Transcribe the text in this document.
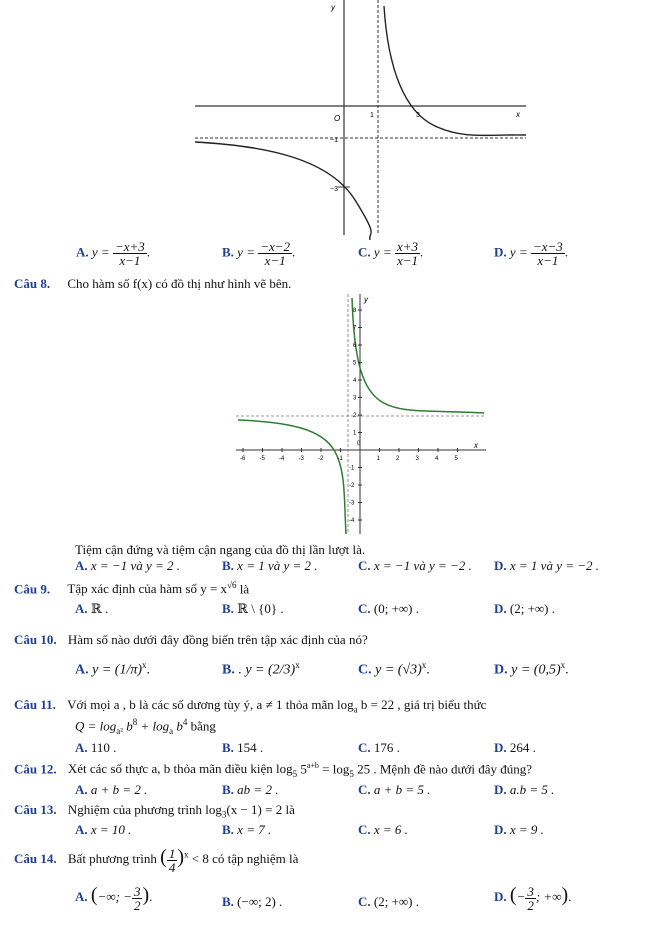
y
x
O	1	3
−1
−3
A. $y = \frac{-x+3}{x-1}$ .	B. $y = \frac{-x-2}{x-1}$ .	C. $y = \frac{x+3}{x-1}$ .	D. $y = \frac{-x-3}{x-1}$ .
Câu 8. Cho hàm số f(x) có đồ thị như hình vẽ bên.
-6 -5 -4 -3 -2 -1
0
1	2	3	4	5
8
7
6
5
4
3
2
1
-1
-2
-3
-4
x
y
Tiệm cận đứng và tiệm cận ngang của đồ thị lần lượt là.
A. x = −1 và y = 2 .	B. x = 1 và y = 2 .	C. x = −1 và y = −2 . D. x = 1 và y = −2 .
Câu 9. Tập xác định của hàm số $y = x^{√6}$ là
A. ℝ .	B. ℝ \ {0} .	C. (0; +∞) .	D. (2; +∞) .
Câu 10. Hàm số nào dưới đây đồng biến trên tập xác định của nó?
A. $y = (1/\pi)^x$.	B. . $y = (2/3)^x$	C. $y = (√3)^x$.	D. $y = (0,5)^x$.
Câu 11. Với mọi a , b là các số dương tùy ý, a ≠ 1 thỏa mãn $\log_a b = 22$ , giá trị biểu thức
$Q = \log_{a^2} b^8 + \log_a b^4$ bằng
A. 110 .	B. 154 .	C. 176 .	D. 264 .
Câu 12. Xét các số thực a, b thỏa mãn điều kiện $\log_5 5^{a+b} = \log_5 25$ . Mệnh đề nào dưới đây đúng?
A. a + b = 2 .	B. ab = 2 .	C. a + b = 5 .	D. a.b = 5 .
Câu 13. Nghiệm của phương trình $\log_3(x - 1) = 2$ là
A. x = 10 .	B. x = 7 .	C. x = 6 .	D. x = 9 .
Câu 14. Bất phương trình ( $\frac{1}{4} )^x < 8$ có tập nghiệm là
A. (−∞; − $\frac{3}{2}$ ).	B. (−∞; 2) .	C. (2; +∞) .	D. (− $\frac{3}{2}$ ; +∞).
